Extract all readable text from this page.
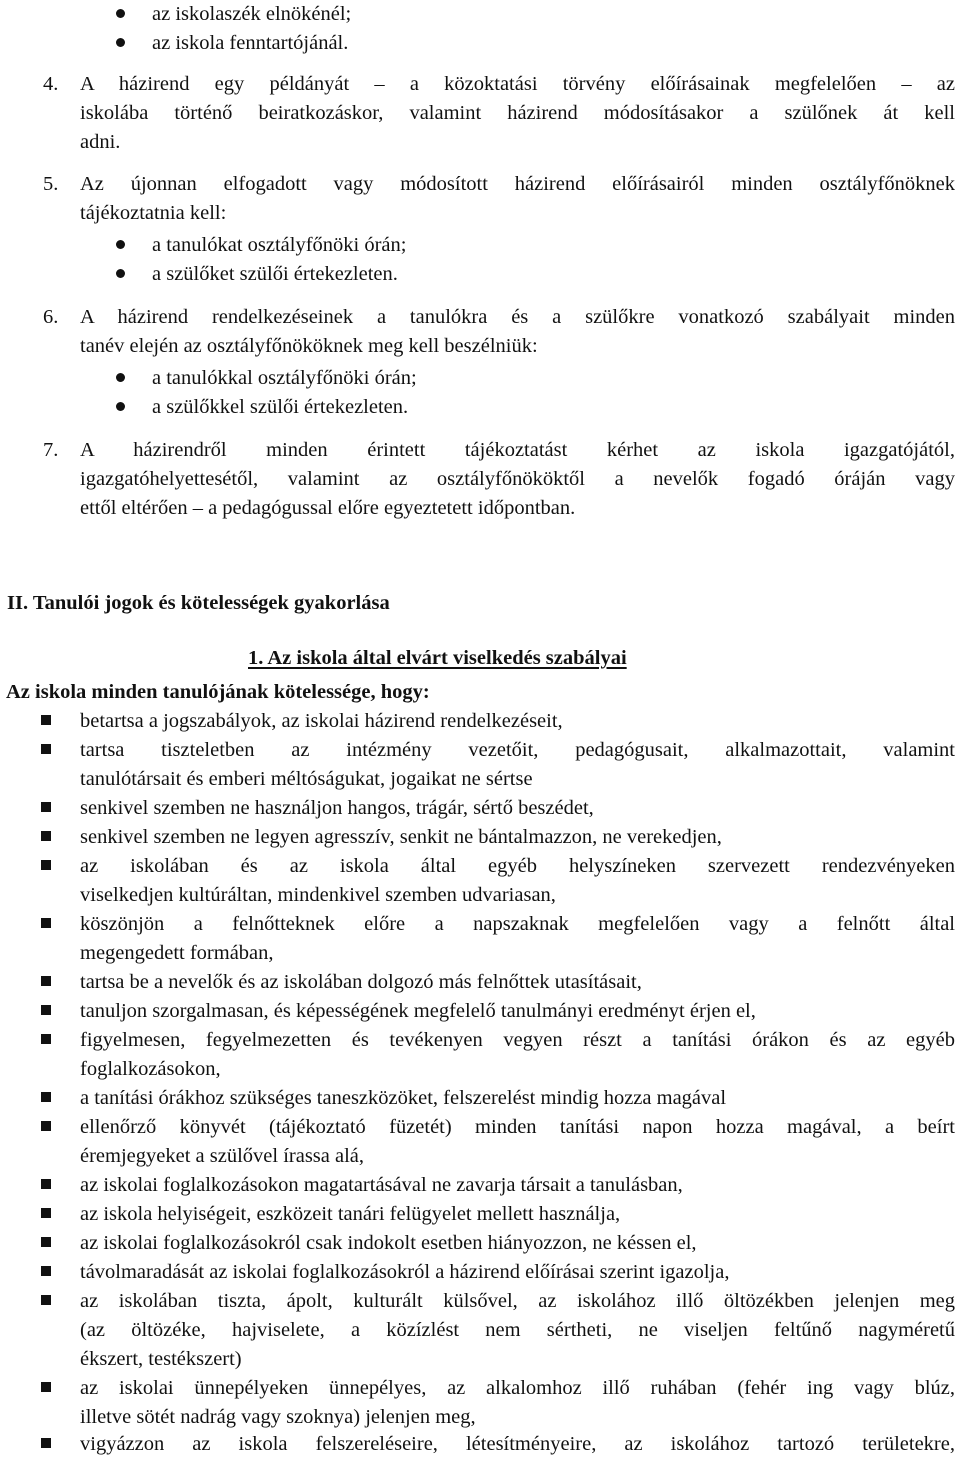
az iskolaszék elnökénél;
az iskola fenntartójánál.
4. A házirend egy példányát – a közoktatási törvény előírásainak megfelelően – az
iskolába történő beiratkozáskor, valamint házirend módosításakor a szülőnek át kell
adni.
5. Az újonnan elfogadott vagy módosított házirend előírásairól minden osztályfőnöknek
tájékoztatnia kell:
a tanulókat osztályfőnöki órán;
a szülőket szülői értekezleten.
6. A házirend rendelkezéseinek a tanulókra és a szülőkre vonatkozó szabályait minden
tanév elején az osztályfőnököknek meg kell beszélniük:
a tanulókkal osztályfőnöki órán;
a szülőkkel szülői értekezleten.
7. A házirendről minden érintett tájékoztatást kérhet az iskola igazgatójától,
igazgatóhelyettesétől, valamint az osztályfőnököktől a nevelők fogadó óráján vagy
ettől eltérően – a pedagógussal előre egyeztetett időpontban.
II. Tanulói jogok és kötelességek gyakorlása
1. Az iskola által elvárt viselkedés szabályai
Az iskola minden tanulójának kötelessége, hogy:
betartsa a jogszabályok, az iskolai házirend rendelkezéseit,
tartsa tiszteletben az intézmény vezetőit, pedagógusait, alkalmazottait, valamint
tanulótársait és emberi méltóságukat, jogaikat ne sértse
senkivel szemben ne használjon hangos, trágár, sértő beszédet,
senkivel szemben ne legyen agresszív, senkit ne bántalmazzon, ne verekedjen,
az iskolában és az iskola által egyéb helyszíneken szervezett rendezvényeken
viselkedjen kultúráltan, mindenkivel szemben udvariasan,
köszönjön a felnőtteknek előre a napszaknak megfelelően vagy a felnőtt által
megengedett formában,
tartsa be a nevelők és az iskolában dolgozó más felnőttek utasításait,
tanuljon szorgalmasan, és képességének megfelelő tanulmányi eredményt érjen el,
figyelmesen, fegyelmezetten és tevékenyen vegyen részt a tanítási órákon és az egyéb
foglalkozásokon,
a tanítási órákhoz szükséges taneszközöket, felszerelést mindig hozza magával
ellenőrző könyvét (tájékoztató füzetét) minden tanítási napon hozza magával, a beírt
éremjegyeket a szülővel írassa alá,
az iskolai foglalkozásokon magatartásával ne zavarja társait a tanulásban,
az iskola helyiségeit, eszközeit tanári felügyelet mellett használja,
az iskolai foglalkozásokról csak indokolt esetben hiányozzon, ne késsen el,
távolmaradását az iskolai foglalkozásokról a házirend előírásai szerint igazolja,
az iskolában tiszta, ápolt, kulturált külsővel, az iskolához illő öltözékben jelenjen meg
(az öltözéke, hajviselete, a közízlést nem sértheti, ne viseljen feltűnő nagyméretű
ékszert, testékszert)
az iskolai ünnepélyeken ünnepélyes, az alkalomhoz illő ruhában (fehér ing vagy blúz,
illetve sötét nadrág vagy szoknya) jelenjen meg,
vigyázzon az iskola felszereléseire, létesítményeire, az iskolához tartozó területekre,
